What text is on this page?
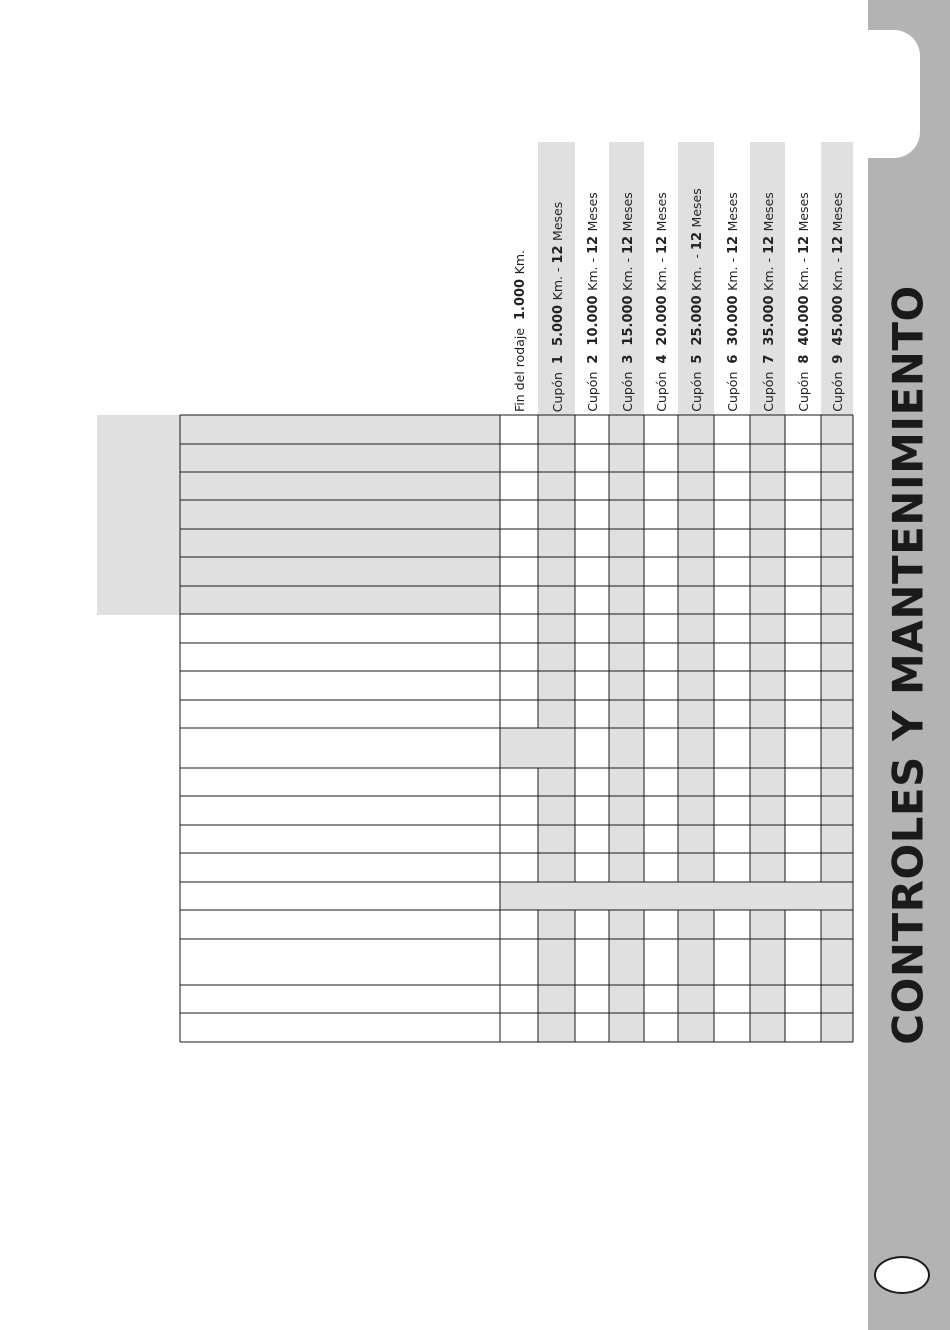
CONTROLES Y MANTENIMIENTO
Fin del rodaje  1.000 Km.
Cupón  1  5.000 Km. - 12 Meses
Cupón  2  10.000 Km. - 12 Meses
Cupón  3  15.000 Km. - 12 Meses
Cupón  4  20.000 Km. - 12 Meses
Cupón  5  25.000 Km.  - 12 Meses
Cupón  6  30.000 Km. - 12 Meses
Cupón  7  35.000 Km. - 12 Meses
Cupón  8  40.000 Km. - 12 Meses
Cupón  9  45.000 Km. - 12 Meses
